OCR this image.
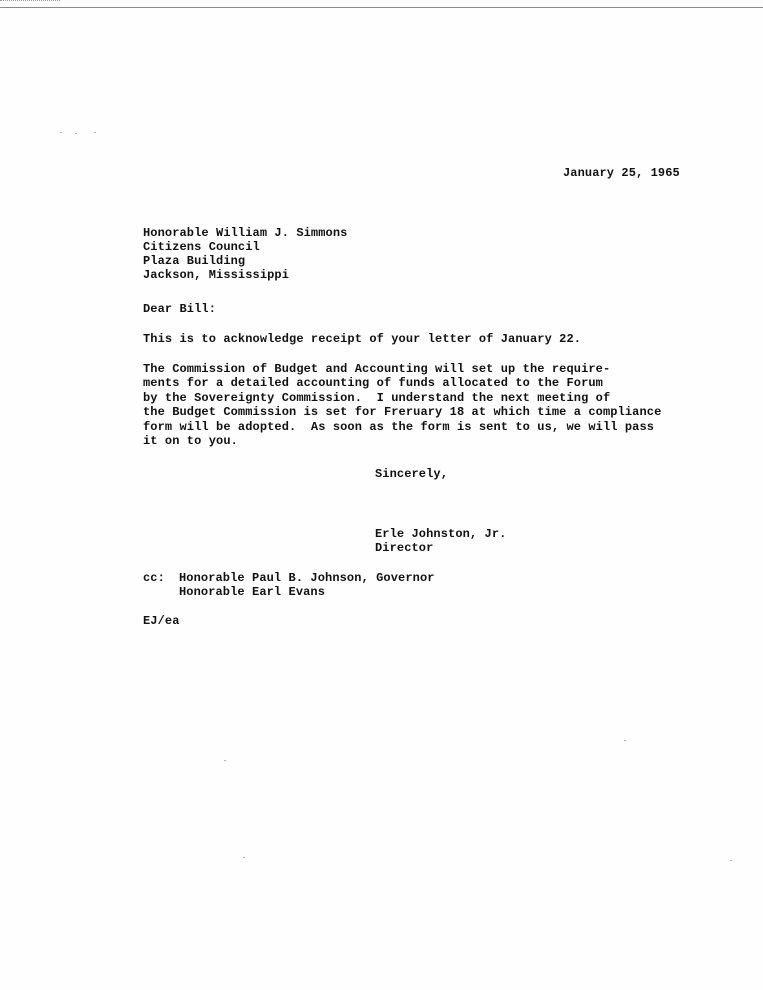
January 25, 1965
Honorable William J. Simmons
Citizens Council
Plaza Building
Jackson, Mississippi
Dear Bill:
This is to acknowledge receipt of your letter of January 22.
The Commission of Budget and Accounting will set up the require-
ments for a detailed accounting of funds allocated to the Forum
by the Sovereignty Commission.  I understand the next meeting of
the Budget Commission is set for Freruary 18 at which time a compliance
form will be adopted.  As soon as the form is sent to us, we will pass
it on to you.
Sincerely,
Erle Johnston, Jr.
Director
cc: Honorable Paul B. Johnson, Governor
Honorable Earl Evans
EJ/ea
